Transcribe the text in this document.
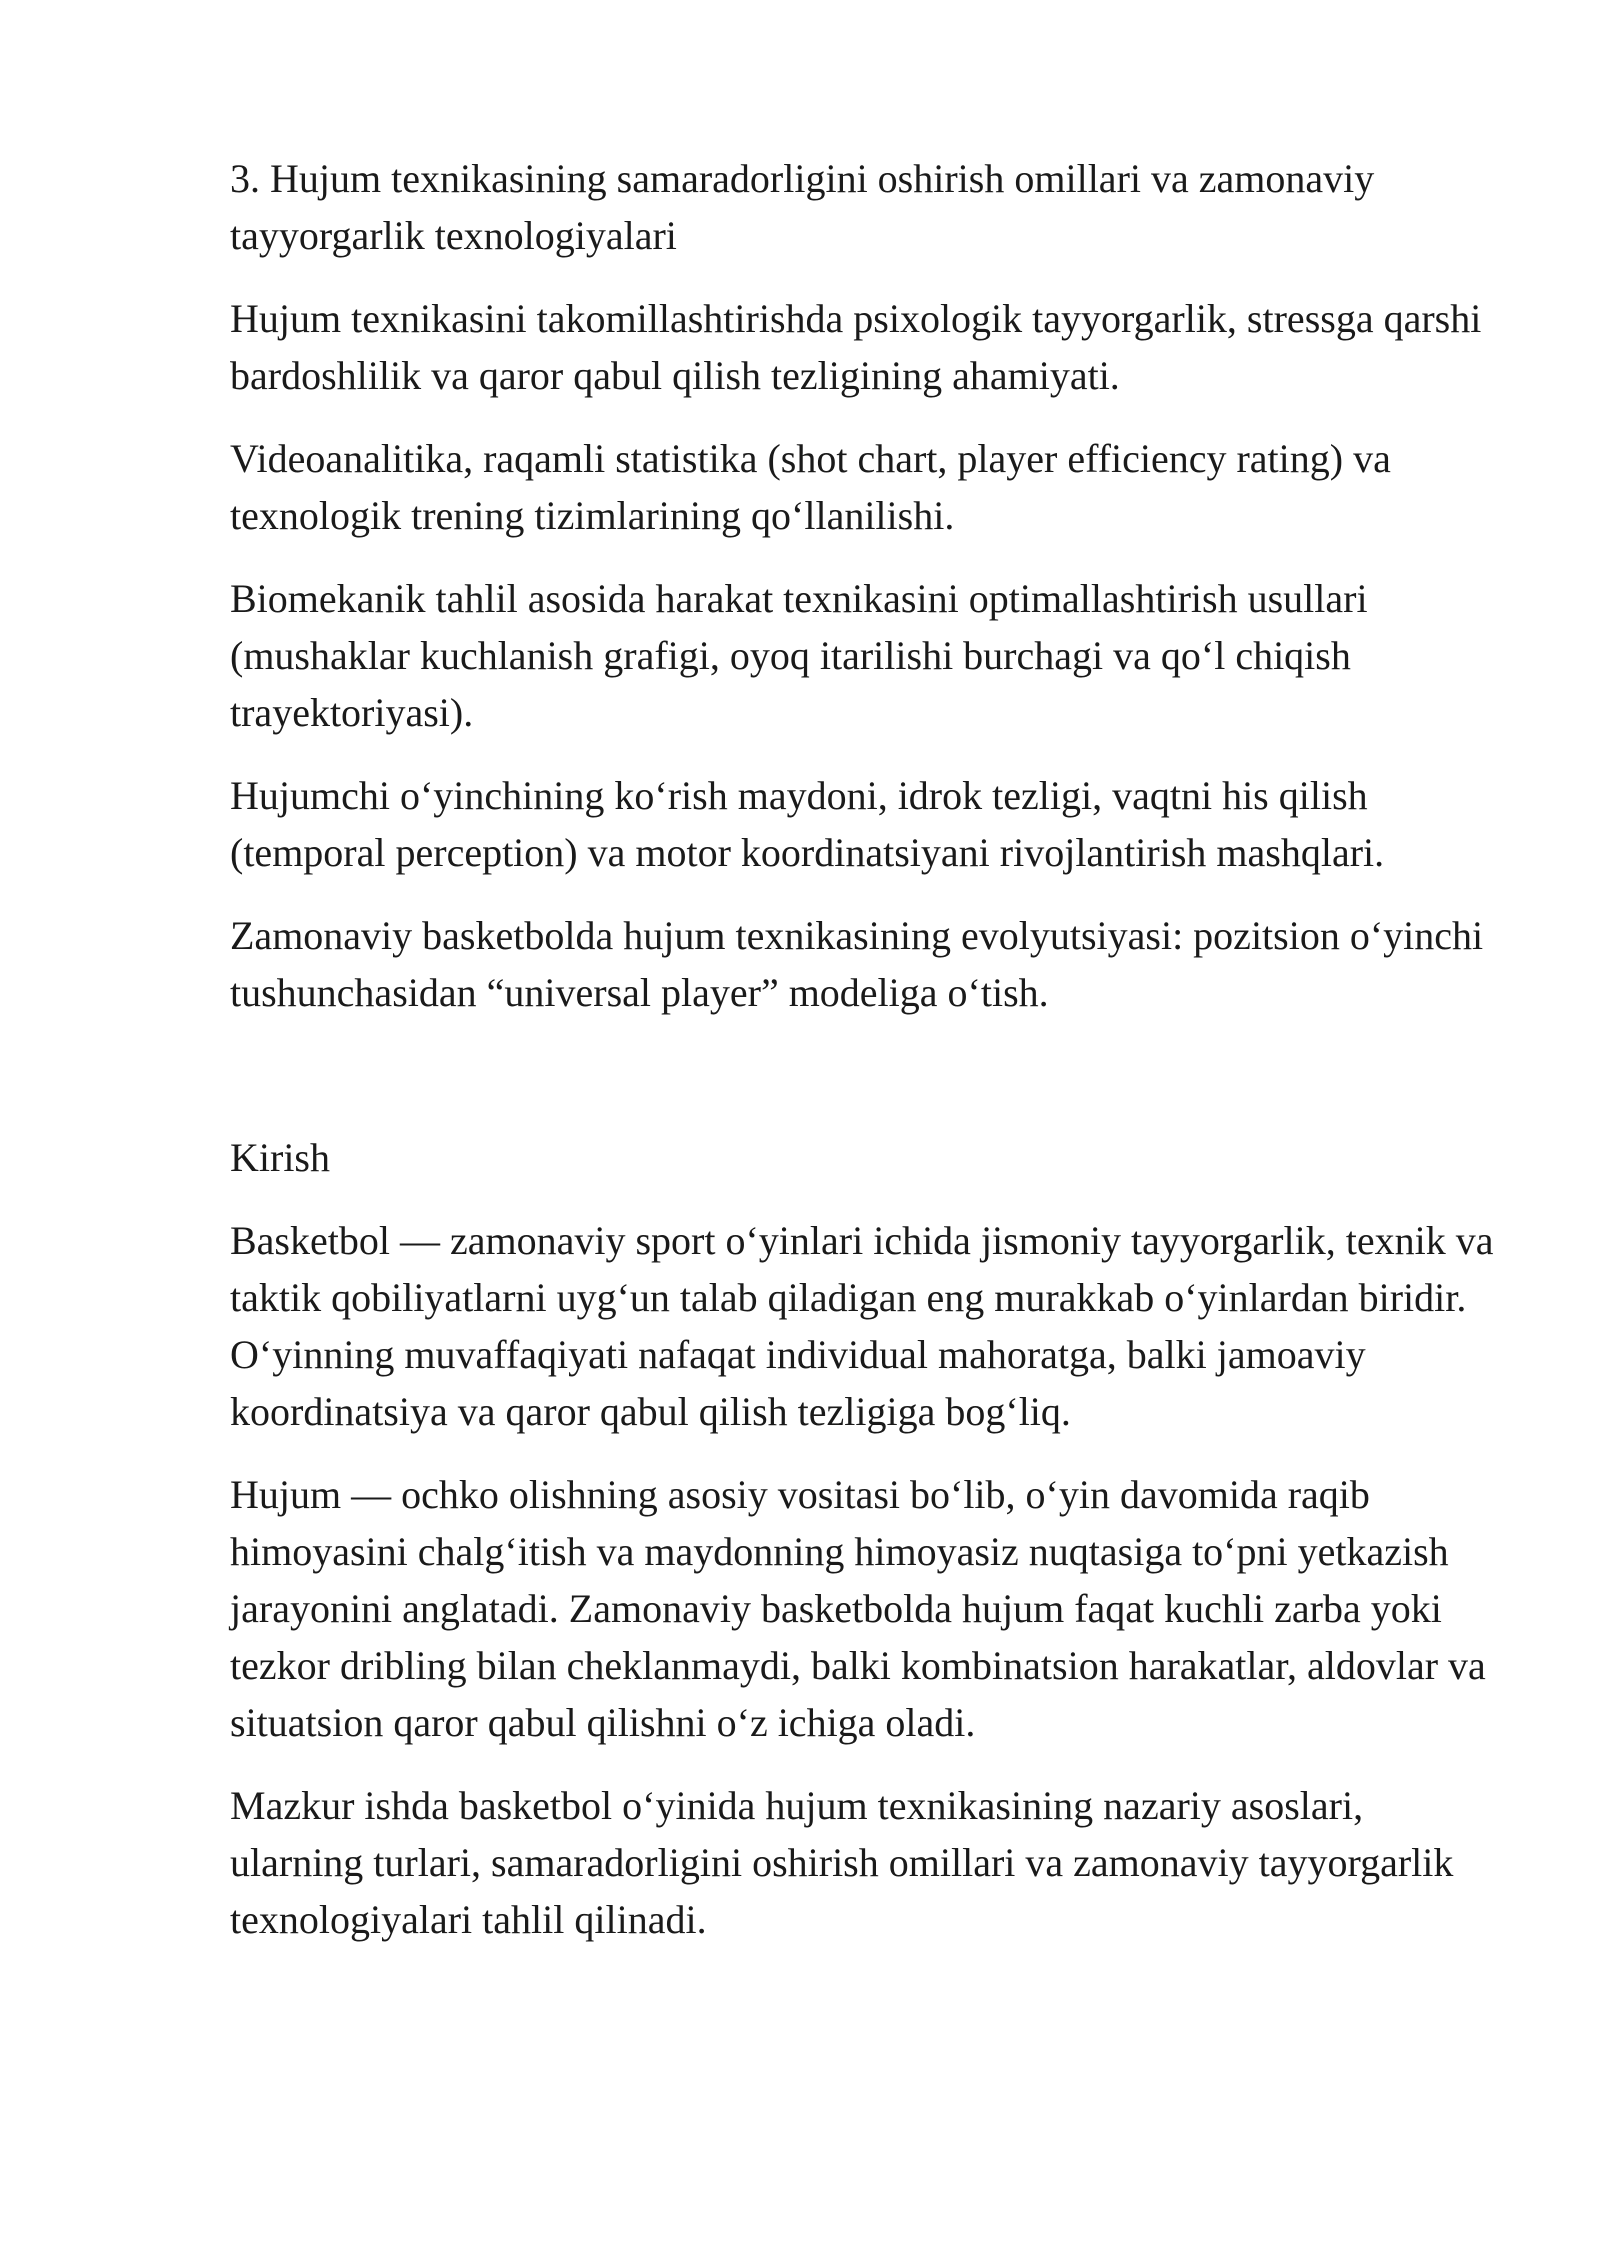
3. Hujum texnikasining samaradorligini oshirish omillari va zamonaviy tayyorgarlik texnologiyalari

Hujum texnikasini takomillashtirishda psixologik tayyorgarlik, stressga qarshi bardoshlilik va qaror qabul qilish tezligining ahamiyati.

Videoanalitika, raqamli statistika (shot chart, player efficiency rating) va texnologik trening tizimlarining qo‘llanilishi.

Biomekanik tahlil asosida harakat texnikasini optimallashtirish usullari (mushaklar kuchlanish grafigi, oyoq itarilishi burchagi va qo‘l chiqish trayektoriyasi).

Hujumchi o‘yinchining ko‘rish maydoni, idrok tezligi, vaqtni his qilish (temporal perception) va motor koordinatsiyani rivojlantirish mashqlari.

Zamonaviy basketbolda hujum texnikasining evolyutsiyasi: pozitsion o‘yinchi tushunchasidan “universal player” modeliga o‘tish.

Kirish

Basketbol — zamonaviy sport o‘yinlari ichida jismoniy tayyorgarlik, texnik va taktik qobiliyatlarni uyg‘un talab qiladigan eng murakkab o‘yinlardan biridir. O‘yinning muvaffaqiyati nafaqat individual mahoratga, balki jamoaviy koordinatsiya va qaror qabul qilish tezligiga bog‘liq.

Hujum — ochko olishning asosiy vositasi bo‘lib, o‘yin davomida raqib himoyasini chalg‘itish va maydonning himoyasiz nuqtasiga to‘pni yetkazish jarayonini anglatadi. Zamonaviy basketbolda hujum faqat kuchli zarba yoki tezkor dribling bilan cheklanmaydi, balki kombinatsion harakatlar, aldovlar va situatsion qaror qabul qilishni o‘z ichiga oladi.

Mazkur ishda basketbol o‘yinida hujum texnikasining nazariy asoslari, ularning turlari, samaradorligini oshirish omillari va zamonaviy tayyorgarlik texnologiyalari tahlil qilinadi.
